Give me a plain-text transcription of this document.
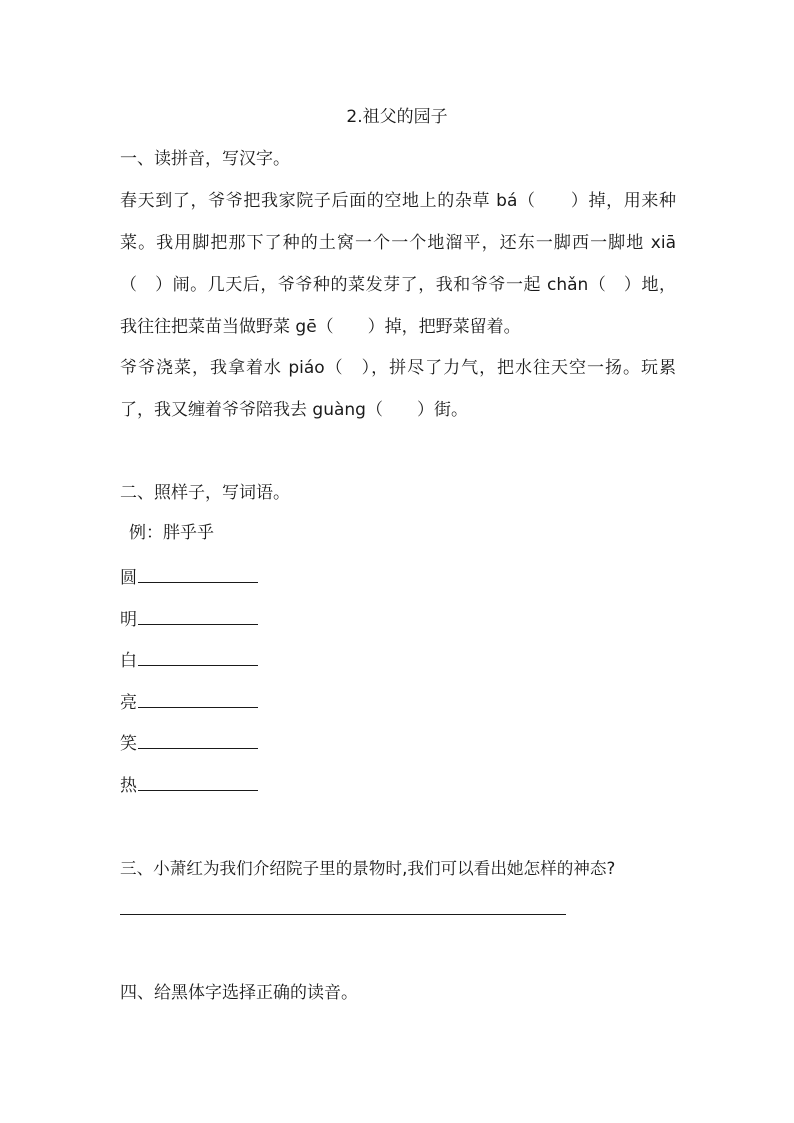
2.祖父的园子
一、读拼音，写汉字。
春天到了，爷爷把我家院子后面的空地上的杂草 bá（　　）掉，用来种菜。我用脚把那下了种的土窝一个一个地溜平，还东一脚西一脚地 xiā（　）闹。几天后，爷爷种的菜发芽了，我和爷爷一起 chǎn（　）地，我往往把菜苗当做野菜 gē（　　）掉，把野菜留着。
爷爷浇菜，我拿着水 piáo（　），拼尽了力气，把水往天空一扬。玩累了，我又缠着爷爷陪我去 guàng（　　）街。
二、照样子，写词语。
例：胖乎乎
圆
明
白
亮
笑
热
三、小萧红为我们介绍院子里的景物时,我们可以看出她怎样的神态?
四、给黑体字选择正确的读音。
